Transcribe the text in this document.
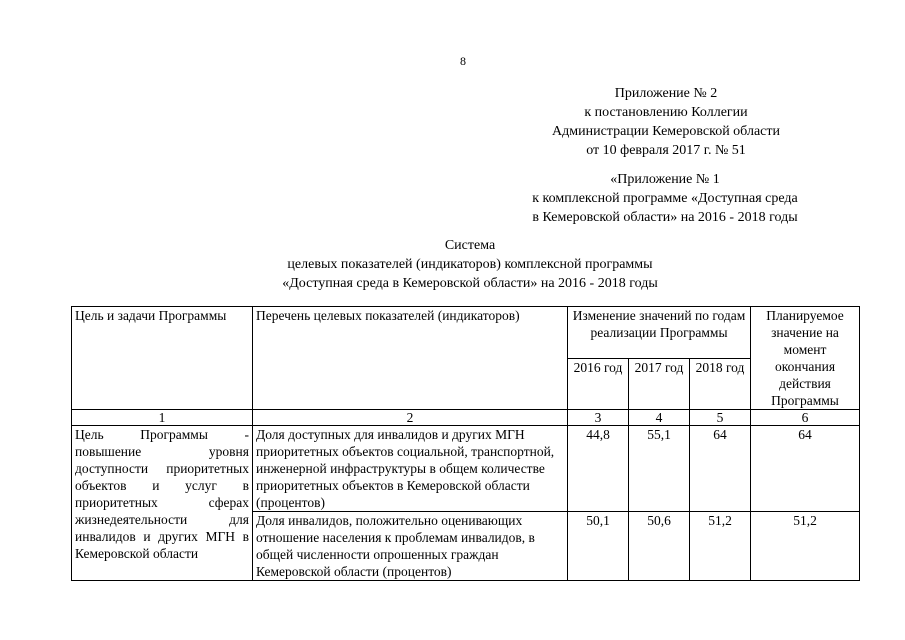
8
Приложение № 2
к постановлению Коллегии
Администрации Кемеровской области
от 10 февраля 2017 г. № 51
«Приложение № 1
к комплексной программе «Доступная среда
в Кемеровской области» на 2016 - 2018 годы
Система
целевых показателей (индикаторов) комплексной программы
«Доступная среда в Кемеровской области» на 2016 - 2018 годы
Цель и задачи Программы	Перечень целевых показателей (индикаторов)	Изменение значений по годам реализации Программы			Планируемое значение на момент окончания действия Программы
		2016 год	2017 год	2018 год	
1	2	3	4	5	6
Цель Программы - повышение уровня доступности приоритетных объектов и услуг в приоритетных сферах жизнедеятельности для инвалидов и других МГН в Кемеровской области	Доля доступных для инвалидов и других МГН приоритетных объектов социальной, транспортной, инженерной инфраструктуры в общем количестве приоритетных объектов в Кемеровской области (процентов)	44,8	55,1	64	64
	Доля инвалидов, положительно оценивающих отношение населения к проблемам инвалидов, в общей численности опрошенных граждан Кемеровской области (процентов)	50,1	50,6	51,2	51,2
